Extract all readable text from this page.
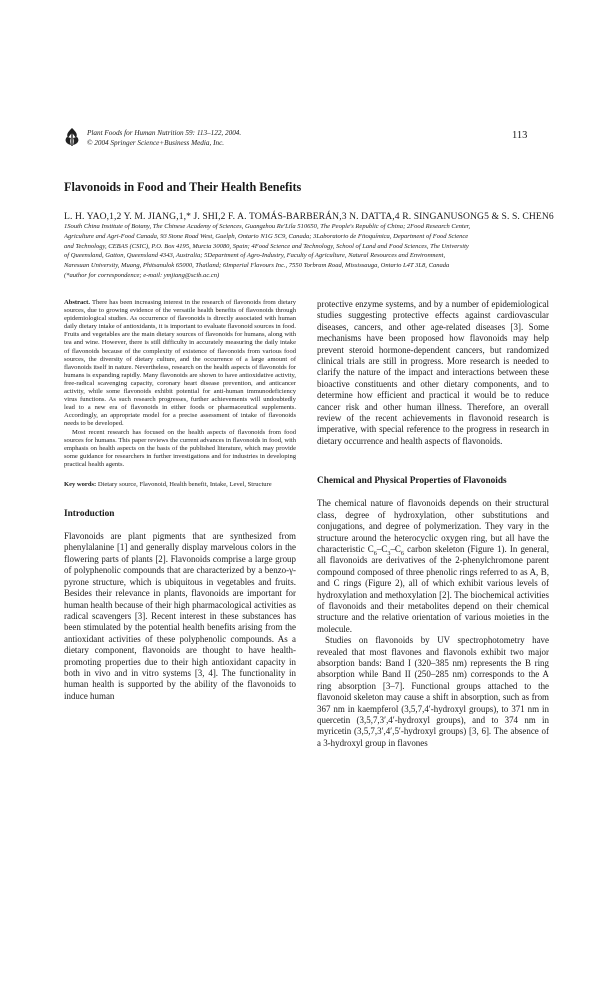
Plant Foods for Human Nutrition 59: 113–122, 2004.
© 2004 Springer Science+Business Media, Inc.
113
Flavonoids in Food and Their Health Benefits
L. H. YAO,1,2 Y. M. JIANG,1,* J. SHI,2 F. A. TOMÁS-BARBERÁN,3 N. DATTA,4 R. SINGANUSONG5 & S. S. CHEN6
1South China Institute of Botany, The Chinese Academy of Sciences, Guangzhou Re'Lila 510650, The People's Republic of China; 2Food Research Center,
Agriculture and Agri-Food Canada, 93 Stone Road West, Guelph, Ontario N1G 5C9, Canada; 3Laboratorio de Fitoquímica, Department of Food Science
and Technology, CEBAS (CSIC), P.O. Box 4195, Murcia 30080, Spain; 4Food Science and Technology, School of Land and Food Sciences, The University
of Queensland, Gatton, Queensland 4343, Australia; 5Department of Agro-Industry, Faculty of Agriculture, Natural Resources and Environment,
Naresuan University, Muang, Phitsanulok 65000, Thailand; 6Imperial Flavours Inc., 7550 Torbram Road, Mississauga, Ontario L4T 3L8, Canada
(*author for correspondence; e-mail: ymjiang@scib.ac.cn)

Abstract. There has been increasing interest in the research of flavonoids from dietary sources, due to growing evidence of the versatile health benefits of flavonoids through epidemiological studies. As occurrence of flavonoids is directly associated with human daily dietary intake of antioxidants, it is important to evaluate flavonoid sources in food. Fruits and vegetables are the main dietary sources of flavonoids for humans, along with tea and wine. However, there is still difficulty in accurately measuring the daily intake of flavonoids because of the complexity of existence of flavonoids from various food sources, the diversity of dietary culture, and the occurrence of a large amount of flavonoids itself in nature. Nevertheless, research on the health aspects of flavonoids for humans is expanding rapidly. Many flavonoids are shown to have antioxidative activity, free-radical scavenging capacity, coronary heart disease prevention, and anticancer activity, while some flavonoids exhibit potential for anti-human immunodeficiency virus functions. As such research progresses, further achievements will undoubtedly lead to a new era of flavonoids in either foods or pharmaceutical supplements. Accordingly, an appropriate model for a precise assessment of intake of flavonoids needs to be developed.

Most recent research has focused on the health aspects of flavonoids from food sources for humans. This paper reviews the current advances in flavonoids in food, with emphasis on health aspects on the basis of the published literature, which may provide some guidance for researchers in further investigations and for industries in developing practical health agents.

Key words: Dietary source, Flavonoid, Health benefit, Intake, Level, Structure

Introduction

Flavonoids are plant pigments that are synthesized from phenylalanine [1] and generally display marvelous colors in the flowering parts of plants [2]. Flavonoids comprise a large group of polyphenolic compounds that are characterized by a benzo-γ-pyrone structure, which is ubiquitous in vegetables and fruits. Besides their relevance in plants, flavonoids are important for human health because of their high pharmacological activities as radical scavengers [3]. Recent interest in these substances has been stimulated by the potential health benefits arising from the antioxidant activities of these polyphenolic compounds. As a dietary component, flavonoids are thought to have health-promoting properties due to their high antioxidant capacity in both in vivo and in vitro systems [3, 4]. The functionality in human health is supported by the ability of the flavonoids to induce human

protective enzyme systems, and by a number of epidemiological studies suggesting protective effects against cardiovascular diseases, cancers, and other age-related diseases [3]. Some mechanisms have been proposed how flavonoids may help prevent steroid hormone-dependent cancers, but randomized clinical trials are still in progress. More research is needed to clarify the nature of the impact and interactions between these bioactive constituents and other dietary components, and to determine how efficient and practical it would be to reduce cancer risk and other human illness. Therefore, an overall review of the recent achievements in flavonoid research is imperative, with special reference to the progress in research in dietary occurrence and health aspects of flavonoids.

Chemical and Physical Properties of Flavonoids

The chemical nature of flavonoids depends on their structural class, degree of hydroxylation, other substitutions and conjugations, and degree of polymerization. They vary in the structure around the heterocyclic oxygen ring, but all have the characteristic $C_6-C_3-C_6$ carbon skeleton (Figure 1). In general, all flavonoids are derivatives of the 2-phenylchromone parent compound composed of three phenolic rings referred to as A, B, and C rings (Figure 2), all of which exhibit various levels of hydroxylation and methoxylation [2]. The biochemical activities of flavonoids and their metabolites depend on their chemical structure and the relative orientation of various moieties in the molecule.

Studies on flavonoids by UV spectrophotometry have revealed that most flavones and flavonols exhibit two major absorption bands: Band I (320–385 nm) represents the B ring absorption while Band II (250–285 nm) corresponds to the A ring absorption [3–7]. Functional groups attached to the flavonoid skeleton may cause a shift in absorption, such as from 367 nm in kaempferol (3,5,7,4′-hydroxyl groups), to 371 nm in quercetin (3,5,7,3′,4′-hydroxyl groups), and to 374 nm in myricetin (3,5,7,3′,4′,5′-hydroxyl groups) [3, 6]. The absence of a 3-hydroxyl group in flavones
